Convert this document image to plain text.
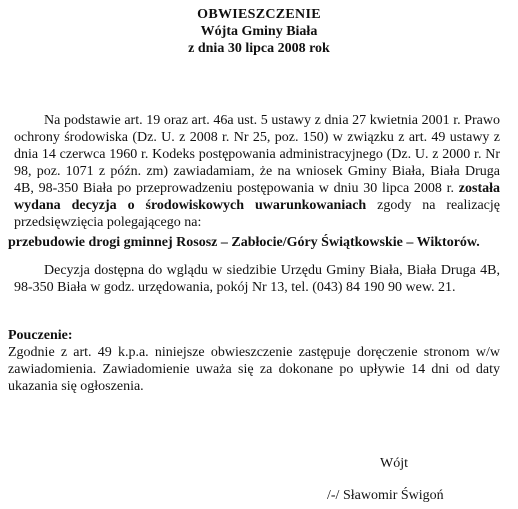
OBWIESZCZENIE
Wójta Gminy Biała
z dnia 30 lipca 2008 rok
Na podstawie art. 19 oraz art. 46a ust. 5 ustawy z dnia 27 kwietnia 2001 r. Prawo ochrony środowiska (Dz. U. z 2008 r. Nr 25, poz. 150) w związku z art. 49 ustawy z dnia 14 czerwca 1960 r. Kodeks postępowania administracyjnego (Dz. U. z 2000 r. Nr 98, poz. 1071 z późn. zm) zawiadamiam, że na wniosek Gminy Biała, Biała Druga 4B, 98-350 Biała po przeprowadzeniu postępowania w dniu 30 lipca 2008 r. została wydana decyzja o środowiskowych uwarunkowaniach zgody na realizację przedsięwzięcia polegającego na:
przebudowie drogi gminnej Rososz – Zabłocie/Góry Świątkowskie – Wiktorów.
Decyzja dostępna do wglądu w siedzibie Urzędu Gminy Biała, Biała Druga 4B, 98-350 Biała w godz. urzędowania, pokój Nr 13, tel. (043) 84 190 90 wew. 21.
Pouczenie:
Zgodnie z art. 49 k.p.a. niniejsze obwieszczenie zastępuje doręczenie stronom w/w zawiadomienia. Zawiadomienie uważa się za dokonane po upływie 14 dni od daty ukazania się ogłoszenia.
Wójt
/-/ Sławomir Świgoń
